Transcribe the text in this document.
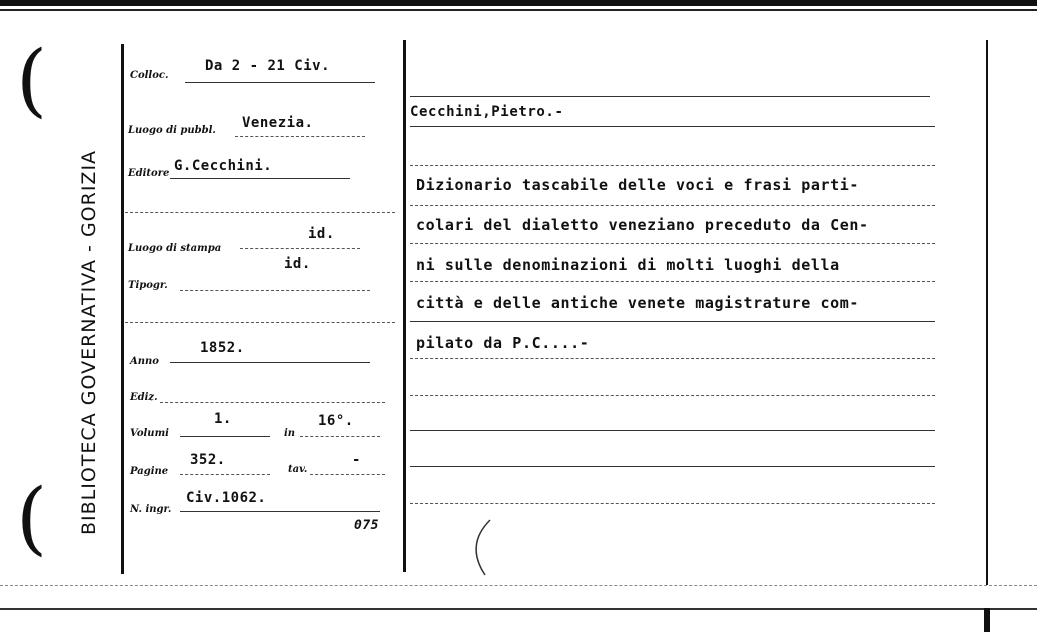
(
( BIBLIOTECA GOVERNATIVA - GORIZIA
Colloc.
Da 2 - 21 Civ.
Luogo di pubbl. Venezia.
Editore G.Cecchini.
Luogo di stampa
id.
Tipogr.
id.
Anno
1852.
Ediz.
Volumi
1.
in
16°.
Pagine
352.
tav.
-
N. ingr.
Civ.1062.
075
Cecchini,Pietro.-
Dizionario tascabile delle voci e frasi parti-
colari del dialetto veneziano preceduto da Cen-
ni sulle denominazioni di molti luoghi della
città e delle antiche venete magistrature com-
pilato da P.C....-
